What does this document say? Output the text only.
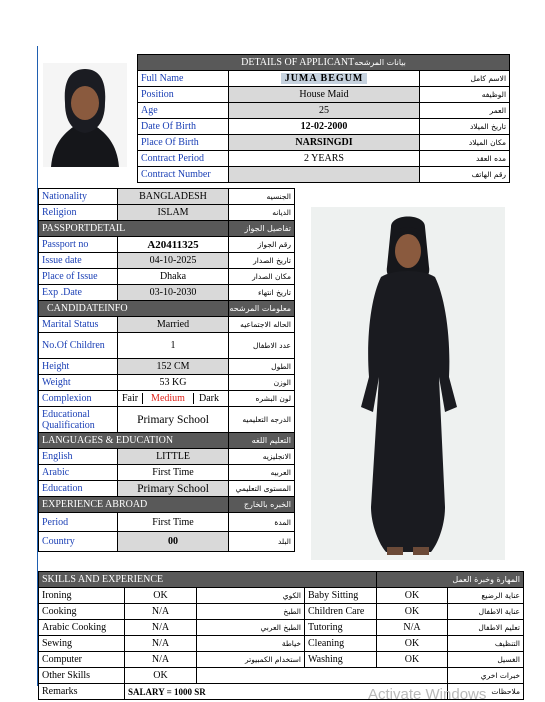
DETAILS OF APPLICANTبيانات المرشحه		
Full Name	JUMA BEGUM	الاسم كامل
Position	House Maid	الوظيفه
Age	25	العمر
Date Of Birth	12-02-2000	تاريخ الميلاد
Place Of Birth	NARSINGDI	مكان الميلاد
Contract Period	2 YEARS	مده العقد
Contract Number		رقم الهاتف
Nationality	BANGLADESH	الجنسيه
Religion	ISLAM	الديانه
PASSPORTDETAIL		تفاصيل الجواز
Passport no	A20411325	رقم الجواز
Issue date	04-10-2025	تاريخ الصدار
Place of Issue	Dhaka	مكان الصدار
Exp .Date	03-10-2030	تاريخ انتهاء
CANDIDATEINFO		معلومات المرشحه
Marital Status	Married	الحاله الاجتماعيه
No.Of Children	1	عدد الاطفال
Height	152 CM	الطول
Weight	53 KG	الوزن
Complexion	Fair Medium Dark	لون البشره
Educational Qualification	Primary School	الدرجه التعليميه
LANGUAGES & EDUCATION		التعليم اللغه
English	LITTLE	الانجليزيه
Arabic	First Time	العربيه
Education	Primary School	المستوى التعليمي
EXPERIENCE ABROAD		الخبره بالخارج
Period	First Time	المدة
Country	00	البلد
SKILLS AND EXPERIENCE				المهارة وخبرة العمل	
Ironing	OK	الكوي	Baby Sitting	OK	عناية الرضيع
Cooking	N/A	الطبخ	Children Care	OK	عناية الاطفال
Arabic Cooking	N/A	الطبخ العربي	Tutoring	N/A	تعليم الاطفال
Sewing	N/A	خياطة	Cleaning	OK	التنظيف
Computer	N/A	استخدام الكمبيوتر	Washing	OK	الغسيل
Other Skills	OK				خبرات اخري
Remarks	SALARY = 1000 SR				ملاحظات
Activate Windows
